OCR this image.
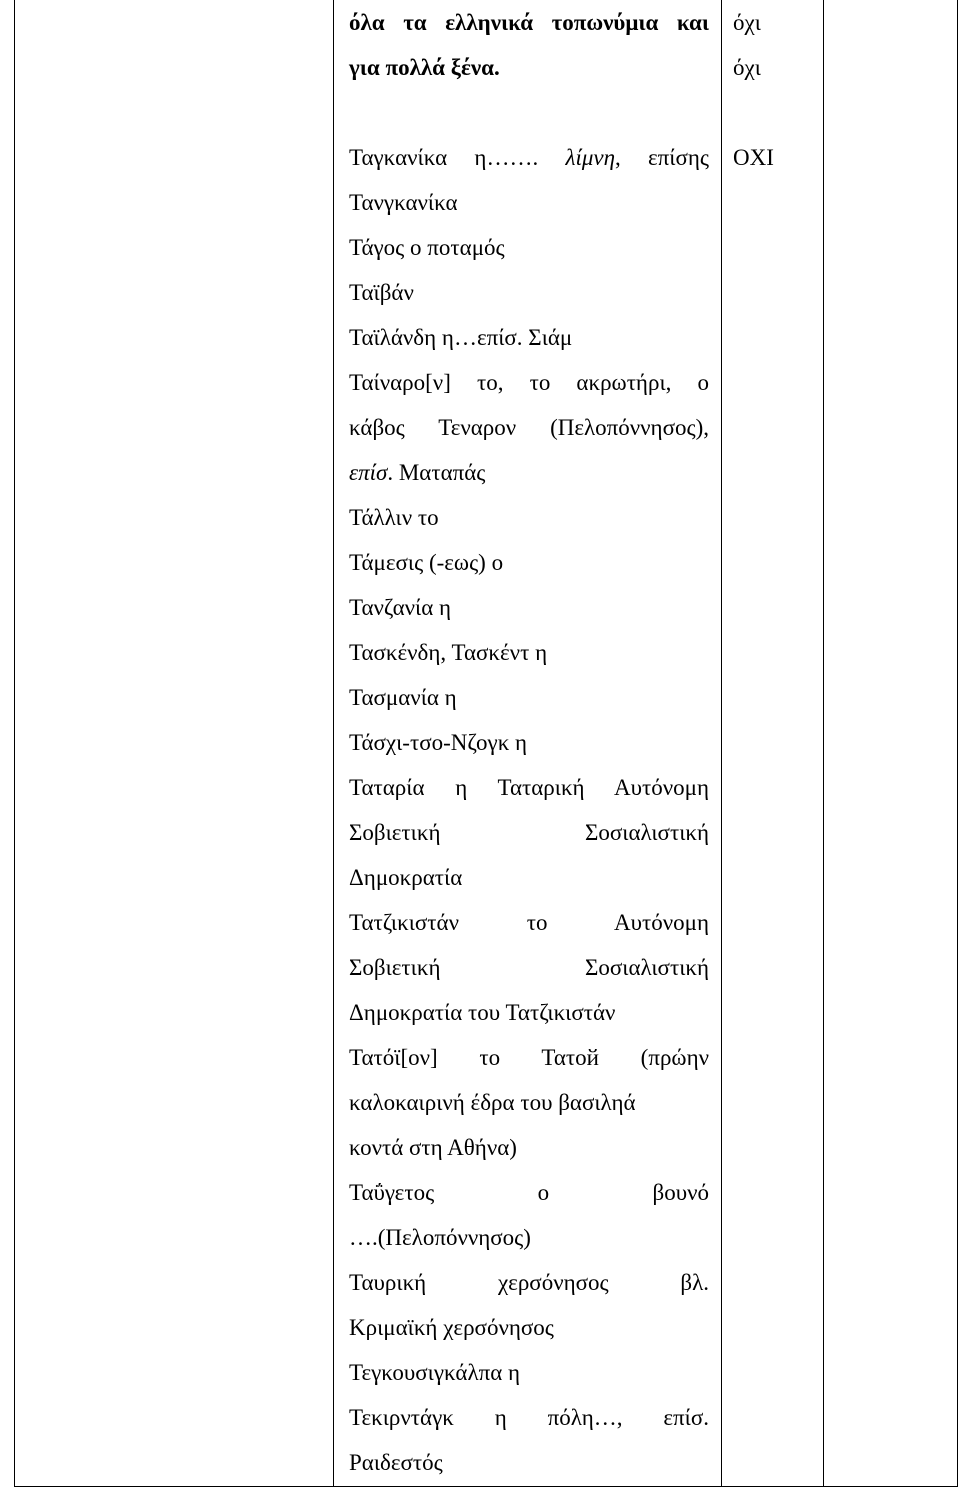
όλα τα ελληνικά τοπωνύμια και
για πολλά ξένα.
Ταγκανίκα η……. λίμνη, επίσης
Τανγκανίκα
Τάγος ο ποταμός
Ταϊβάν
Ταϊλάνδη η…επίσ. Σιάμ
Ταίναρο[ν] το, το ακρωτήρι, ο
κάβος Τεναρον (Πελοπόννησος),
επίσ. Ματαπάς
Τάλλιν το
Τάμεσις (-εως) ο
Τανζανία η
Τασκένδη, Τασκέντ η
Τασμανία η
Τάσχι-τσο-Νζογκ η
Ταταρία η Ταταρική Αυτόνομη
Σοβιετική Σοσιαλιστική
Δημοκρατία
Τατζικιστάν το Αυτόνομη
Σοβιετική Σοσιαλιστική
Δημοκρατία του Τατζικιστάν
Τατόϊ[ον] το Τατοй (πρώην
καλοκαιρινή έδρα του βασιληά
κοντά στη Αθήνα)
Ταΰγετος ο βουνό
….(Πελοπόννησος)
Ταυρική χερσόνησος βλ.
Κριμαϊκή χερσόνησος
Τεγκουσιγκάλπα η
Τεκιρντάγκ η πόλη…, επίσ.
Ραιδεστός
όχι
όχι
ΟΧΙ
